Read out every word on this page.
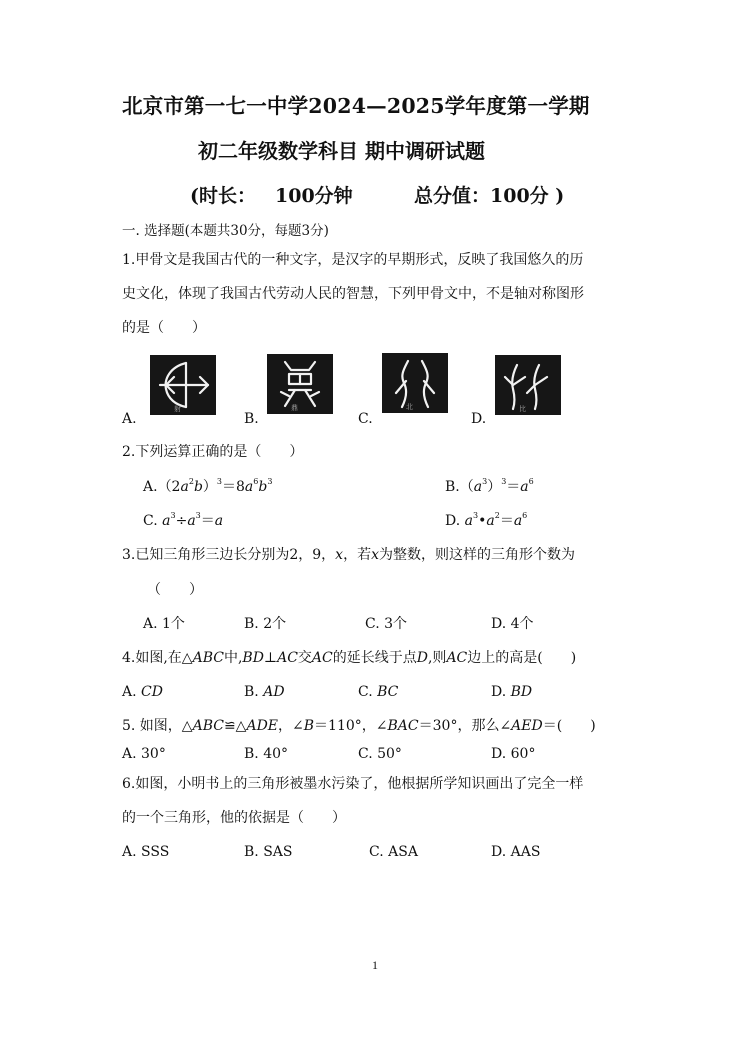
北京市第一七一中学2024—2025学年度第一学期
初二年级数学科目 期中调研试题
(时长： 100分钟	总分值：100分 )
一. 选择题(本题共30分，每题3分)
1.甲骨文是我国古代的一种文字，是汉字的早期形式，反映了我国悠久的历
史文化，体现了我国古代劳动人民的智慧，下列甲骨文中，不是轴对称图形
的是（　　）
A.
射
B.
鼎
C.
北
D.
比
2.下列运算正确的是（　　）
$A.(2a^2b)^3=8a^6b^3$	$B.(a^3)^3=a^6$
C. $a^3\div a^3=a$	D. $a^3•a^2=a^6$
3.已知三角形三边长分别为2，9，x，若x为整数，则这样的三角形个数为
（　　）
A. 1个	B. 2个	C. 3个	D. 4个
4.如图,在△ABC中,BD⊥AC交AC的延长线于点D,则AC边上的高是(　　)
A. CD	B. AD	C. BC	D. BD
5. 如图，△ABC≌△ADE，∠B＝110°，∠BAC＝30°，那么∠AED＝(　　)
A. 30°	B. 40°	C. 50°	D. 60°
6.如图，小明书上的三角形被墨水污染了，他根据所学知识画出了完全一样
的一个三角形，他的依据是（　　）
A. SSS	B. SAS	C. ASA	D. AAS
1
